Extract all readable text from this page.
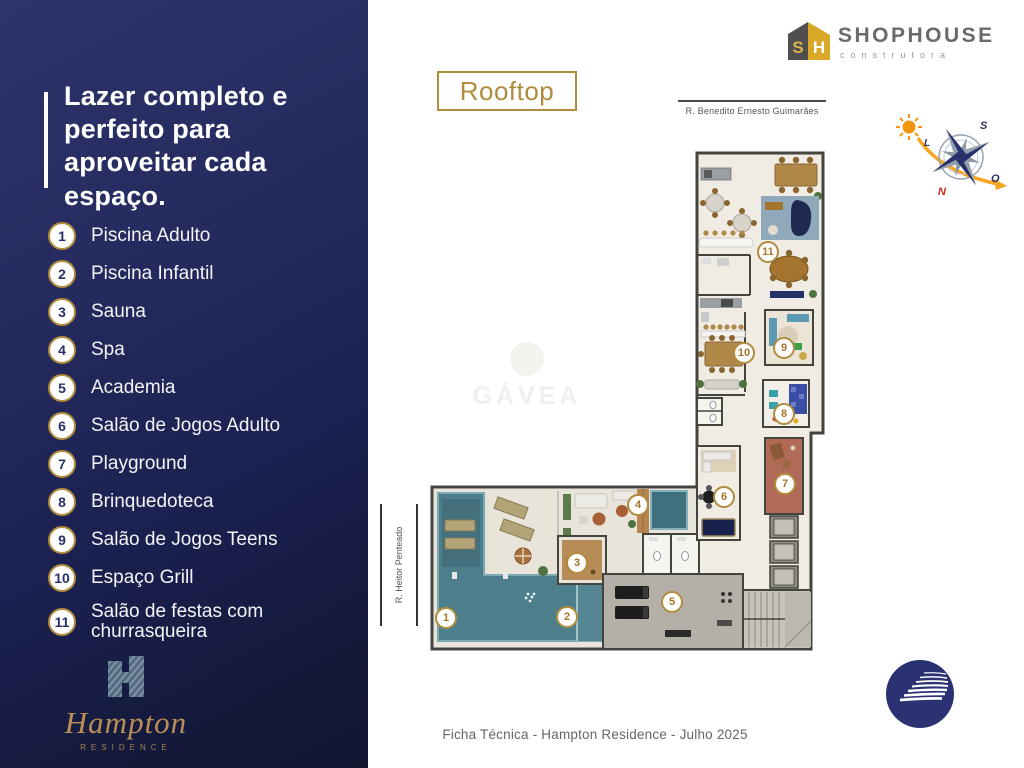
Lazer completo e perfeito para aproveitar cada espaço.
1	Piscina Adulto
2	Piscina Infantil
3	Sauna
4	Spa
5	Academia
6	Salão de Jogos Adulto
7	Playground
8	Brinquedoteca
9	Salão de Jogos Teens
10	Espaço Grill
11	Salão de festas com churrasqueira
Hampton
RESIDENCE
S H
SHOPHOUSE
construtora
Rooftop
R. Benedito Ernesto Guimarães
R. Heitor Penteado
GÁVEA
1	2
3
4
5
6
7
8
9
10
11
S
L
O
N
Ficha Técnica - Hampton Residence - Julho 2025
